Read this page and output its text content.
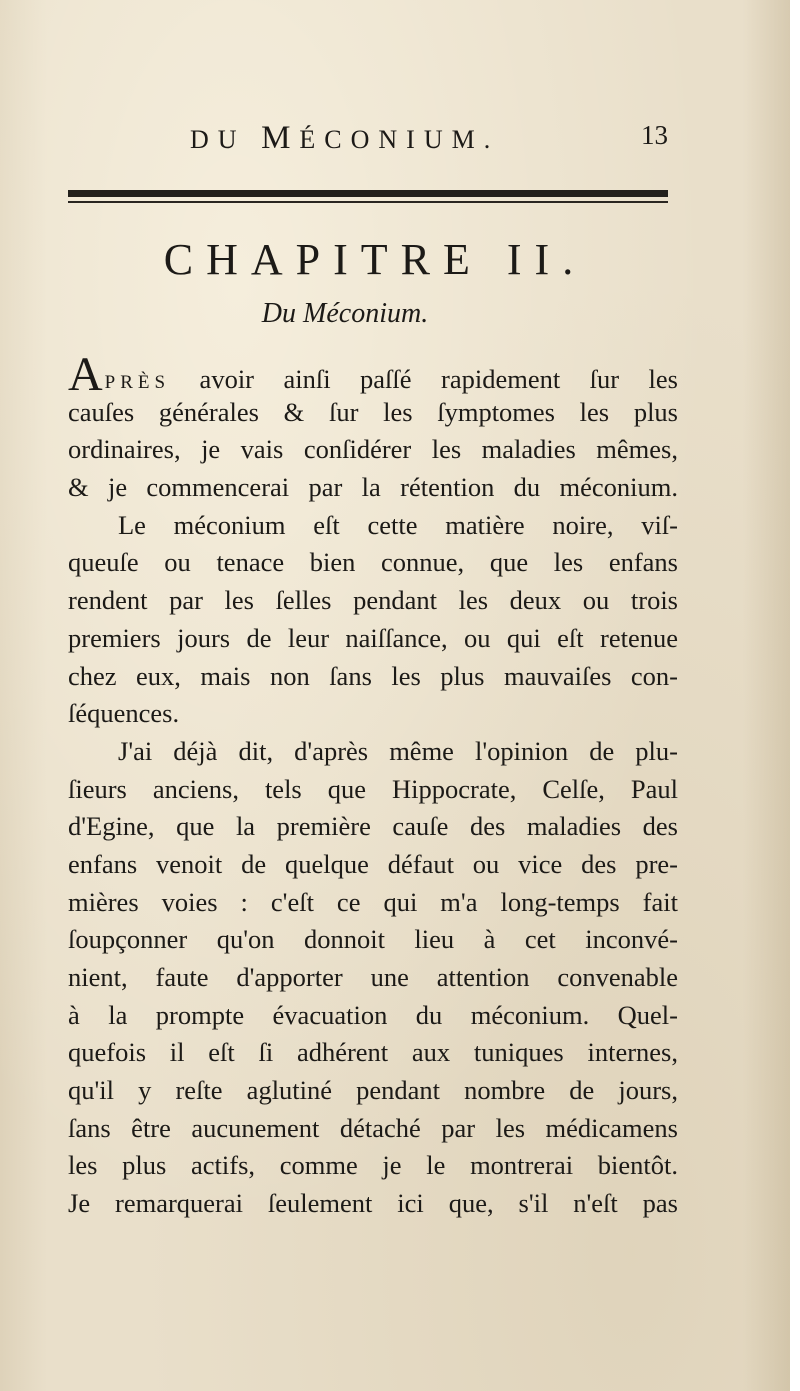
DU MÉCONIUM.	13
CHAPITRE II.
Du Méconium.
APRÈS avoir ainſi paſſé rapidement ſur les
cauſes générales & ſur les ſymptomes les plus
ordinaires, je vais conſidérer les maladies mêmes,
& je commencerai par la rétention du méconium.
Le méconium eſt cette matière noire, viſ-
queuſe ou tenace bien connue, que les enfans
rendent par les ſelles pendant les deux ou trois
premiers jours de leur naiſſance, ou qui eſt retenue
chez eux, mais non ſans les plus mauvaiſes con-
ſéquences.
J'ai déjà dit, d'après même l'opinion de plu-
ſieurs anciens, tels que Hippocrate, Celſe, Paul
d'Egine, que la première cauſe des maladies des
enfans venoit de quelque défaut ou vice des pre-
mières voies : c'eſt ce qui m'a long-temps fait
ſoupçonner qu'on donnoit lieu à cet inconvé-
nient, faute d'apporter une attention convenable
à la prompte évacuation du méconium. Quel-
quefois il eſt ſi adhérent aux tuniques internes,
qu'il y reſte aglutiné pendant nombre de jours,
ſans être aucunement détaché par les médicamens
les plus actifs, comme je le montrerai bientôt.
Je remarquerai ſeulement ici que, s'il n'eſt pas
